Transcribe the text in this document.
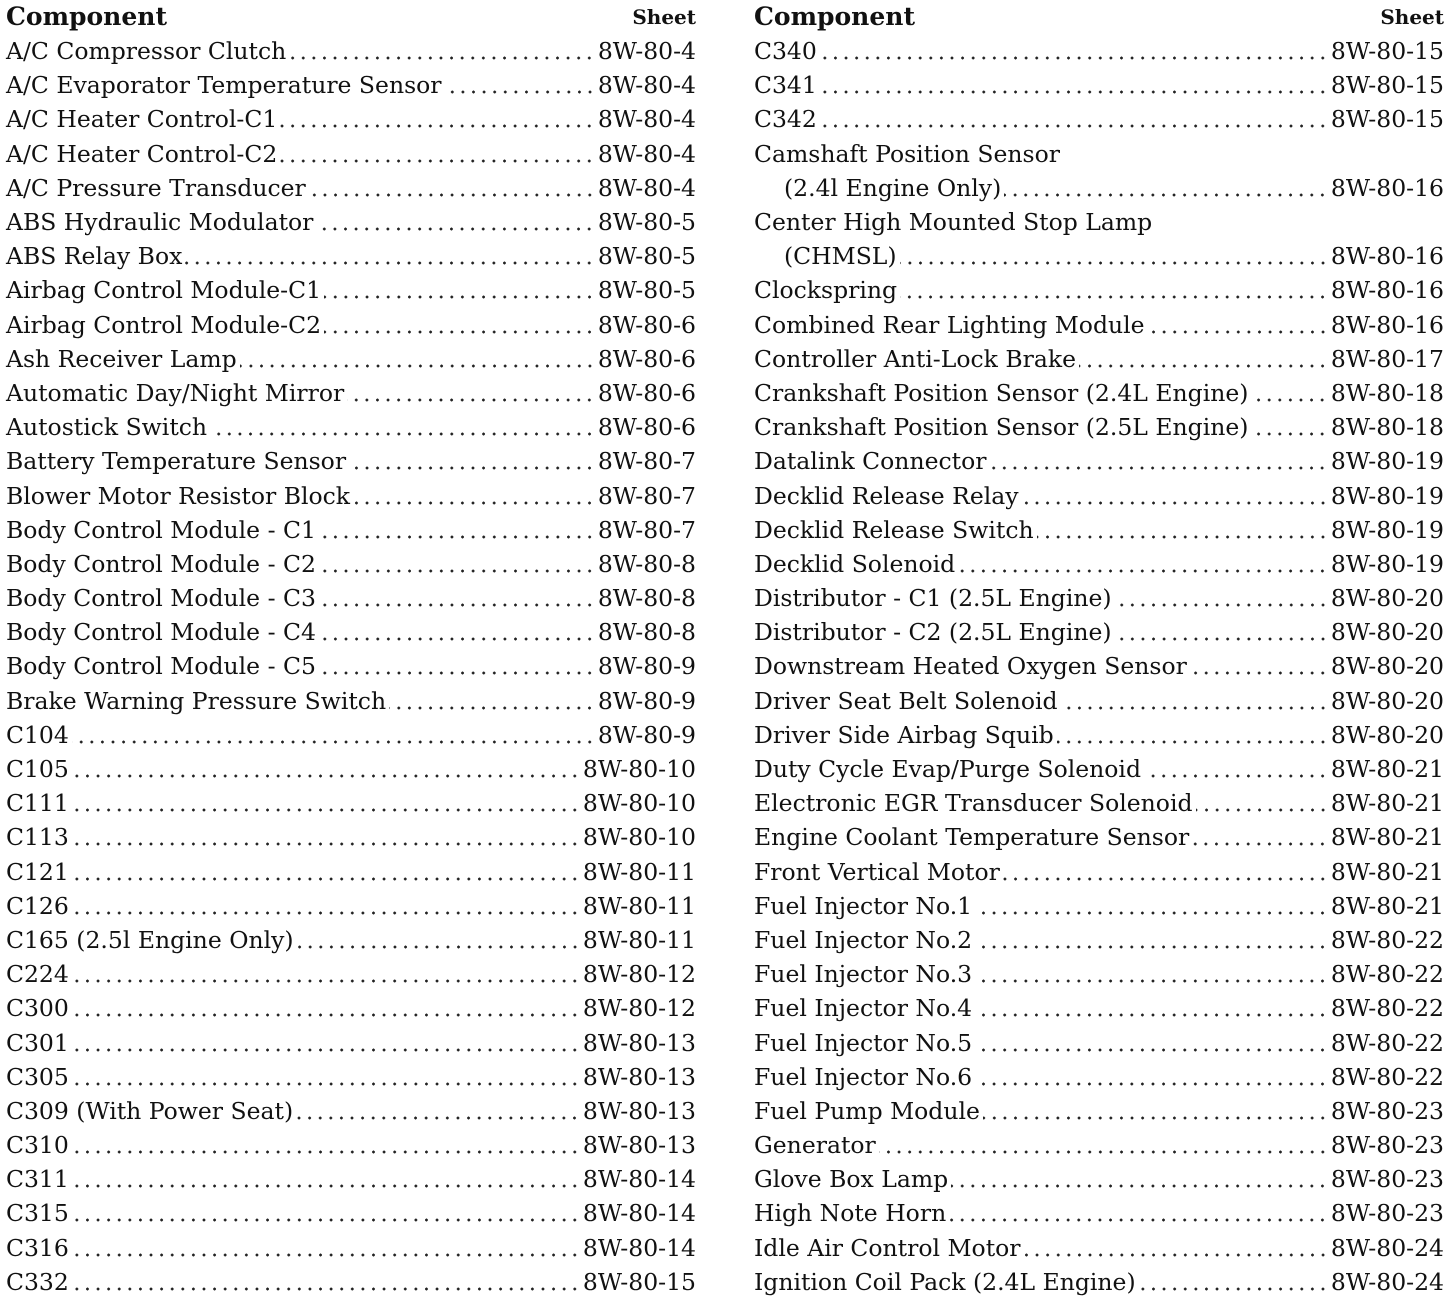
Component	Sheet
A/C Compressor Clutch	8W-80-4
A/C Evaporator Temperature Sensor	8W-80-4
A/C Heater Control-C1	8W-80-4
A/C Heater Control-C2	8W-80-4
A/C Pressure Transducer	8W-80-4
ABS Hydraulic Modulator	8W-80-5
ABS Relay Box	8W-80-5
Airbag Control Module-C1	8W-80-5
Airbag Control Module-C2	8W-80-6
Ash Receiver Lamp	8W-80-6
Automatic Day/Night Mirror	8W-80-6
Autostick Switch	8W-80-6
Battery Temperature Sensor	8W-80-7
Blower Motor Resistor Block	8W-80-7
Body Control Module - C1	8W-80-7
Body Control Module - C2	8W-80-8
Body Control Module - C3	8W-80-8
Body Control Module - C4	8W-80-8
Body Control Module - C5	8W-80-9
Brake Warning Pressure Switch	8W-80-9
C104	8W-80-9
C105	8W-80-10
C111	8W-80-10
C113	8W-80-10
C121	8W-80-11
C126	8W-80-11
C165 (2.5l Engine Only)	8W-80-11
C224	8W-80-12
C300	8W-80-12
C301	8W-80-13
C305	8W-80-13
C309 (With Power Seat)	8W-80-13
C310	8W-80-13
C311	8W-80-14
C315	8W-80-14
C316	8W-80-14
C332	8W-80-15
Component	Sheet
C340	8W-80-15
C341	8W-80-15
C342	8W-80-15
Camshaft Position Sensor
(2.4l Engine Only)	8W-80-16
Center High Mounted Stop Lamp
(CHMSL)	8W-80-16
Clockspring	8W-80-16
Combined Rear Lighting Module	8W-80-16
Controller Anti-Lock Brake	8W-80-17
Crankshaft Position Sensor (2.4L Engine)	8W-80-18
Crankshaft Position Sensor (2.5L Engine)	8W-80-18
Datalink Connector	8W-80-19
Decklid Release Relay	8W-80-19
Decklid Release Switch	8W-80-19
Decklid Solenoid	8W-80-19
Distributor - C1 (2.5L Engine)	8W-80-20
Distributor - C2 (2.5L Engine)	8W-80-20
Downstream Heated Oxygen Sensor	8W-80-20
Driver Seat Belt Solenoid	8W-80-20
Driver Side Airbag Squib	8W-80-20
Duty Cycle Evap/Purge Solenoid	8W-80-21
Electronic EGR Transducer Solenoid	8W-80-21
Engine Coolant Temperature Sensor	8W-80-21
Front Vertical Motor	8W-80-21
Fuel Injector No.1	8W-80-21
Fuel Injector No.2	8W-80-22
Fuel Injector No.3	8W-80-22
Fuel Injector No.4	8W-80-22
Fuel Injector No.5	8W-80-22
Fuel Injector No.6	8W-80-22
Fuel Pump Module	8W-80-23
Generator	8W-80-23
Glove Box Lamp	8W-80-23
High Note Horn	8W-80-23
Idle Air Control Motor	8W-80-24
Ignition Coil Pack (2.4L Engine)	8W-80-24
